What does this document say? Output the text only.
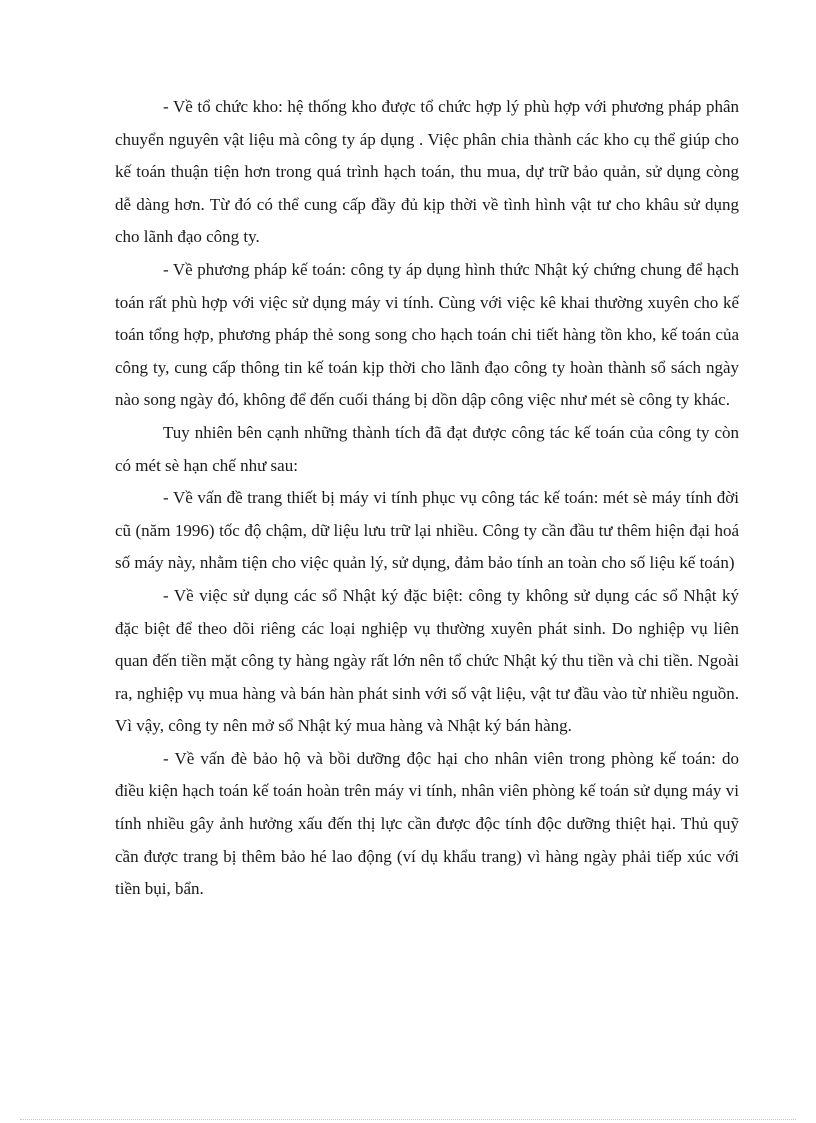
- Về tổ chức kho: hệ thống kho được tổ chức hợp lý phù hợp với phương pháp phân chuyển nguyên vật liệu mà công ty áp dụng . Việc phân chia thành các kho cụ thể giúp cho kế toán thuận tiện hơn trong quá trình hạch toán, thu mua, dự trữ bảo quản, sử dụng còng dễ dàng hơn. Từ đó có thể cung cấp đầy đủ kịp thời về tình hình vật tư cho khâu sử dụng cho lãnh đạo công ty.

- Về phương pháp kế toán: công ty áp dụng hình thức Nhật ký chứng chung để hạch toán rất phù hợp với việc sử dụng máy vi tính. Cùng với việc kê khai thường xuyên cho kế toán tổng hợp, phương pháp thẻ song song cho hạch toán chi tiết hàng tồn kho, kế toán của công ty, cung cấp thông tin kế toán kịp thời cho lãnh đạo công ty hoàn thành sổ sách ngày nào song ngày đó, không để đến cuối tháng bị dồn dập công việc như mét sè công ty khác.

Tuy nhiên bên cạnh những thành tích đã đạt được công tác kế toán của công ty còn có mét sè hạn chế như sau:

- Về vấn đề trang thiết bị máy vi tính phục vụ công tác kế toán: mét sè máy tính đời cũ (năm 1996) tốc độ chậm, dữ liệu lưu trữ lại nhiều. Công ty cần đầu tư thêm hiện đại hoá số máy này, nhằm tiện cho việc quản lý, sử dụng, đảm bảo tính an toàn cho số liệu kế toán)

- Về việc sử dụng các sổ Nhật ký đặc biệt: công ty không sử dụng các sổ Nhật ký đặc biệt để theo dõi riêng các loại nghiệp vụ thường xuyên phát sinh. Do nghiệp vụ liên quan đến tiền mặt công ty hàng ngày rất lớn nên tổ chức Nhật ký thu tiền và chi tiền. Ngoài ra, nghiệp vụ mua hàng và bán hàn phát sinh với số vật liệu, vật tư đầu vào từ nhiều nguồn. Vì vậy, công ty nên mở sổ Nhật ký mua hàng và Nhật ký bán hàng.

- Về vấn đè bảo hộ và bồi dưỡng độc hại cho nhân viên trong phòng kế toán: do điều kiện hạch toán kế toán hoàn trên máy vi tính, nhân viên phòng kế toán sử dụng máy vi tính nhiều gây ảnh hưởng xấu đến thị lực cần được độc tính độc dưỡng thiệt hại. Thủ quỹ cần được trang bị thêm bảo hé lao động (ví dụ khẩu trang) vì hàng ngày phải tiếp xúc với tiền bụi, bẩn.
